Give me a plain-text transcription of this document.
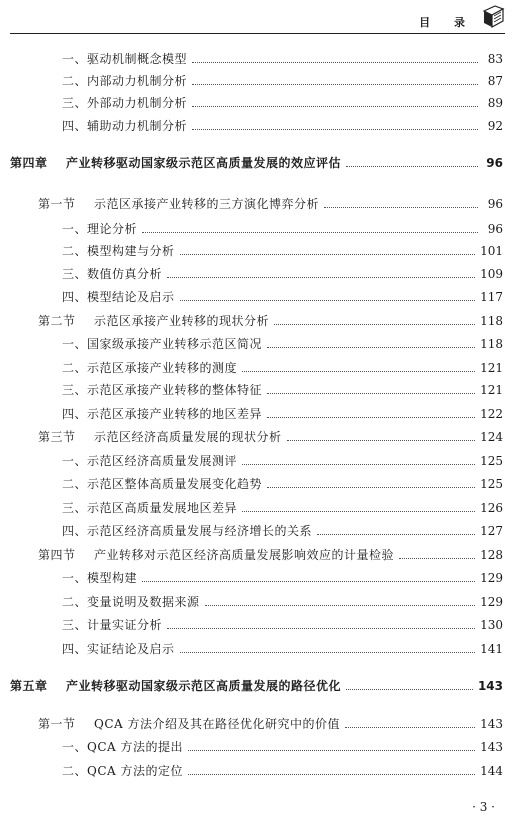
目 录
一、驱动机制概念模型	83
二、内部动力机制分析	87
三、外部动力机制分析	89
四、辅助动力机制分析	92
第四章 产业转移驱动国家级示范区高质量发展的效应评估	96
第一节 示范区承接产业转移的三方演化博弈分析	96
一、理论分析	96
二、模型构建与分析	101
三、数值仿真分析	109
四、模型结论及启示	117
第二节 示范区承接产业转移的现状分析	118
一、国家级承接产业转移示范区简况	118
二、示范区承接产业转移的测度	121
三、示范区承接产业转移的整体特征	121
四、示范区承接产业转移的地区差异	122
第三节 示范区经济高质量发展的现状分析	124
一、示范区经济高质量发展测评	125
二、示范区整体高质量发展变化趋势	125
三、示范区高质量发展地区差异	126
四、示范区经济高质量发展与经济增长的关系	127
第四节 产业转移对示范区经济高质量发展影响效应的计量检验	128
一、模型构建	129
二、变量说明及数据来源	129
三、计量实证分析	130
四、实证结论及启示	141
第五章 产业转移驱动国家级示范区高质量发展的路径优化	143
第一节 QCA 方法介绍及其在路径优化研究中的价值	143
一、QCA 方法的提出	143
二、QCA 方法的定位	144
· 3 ·
